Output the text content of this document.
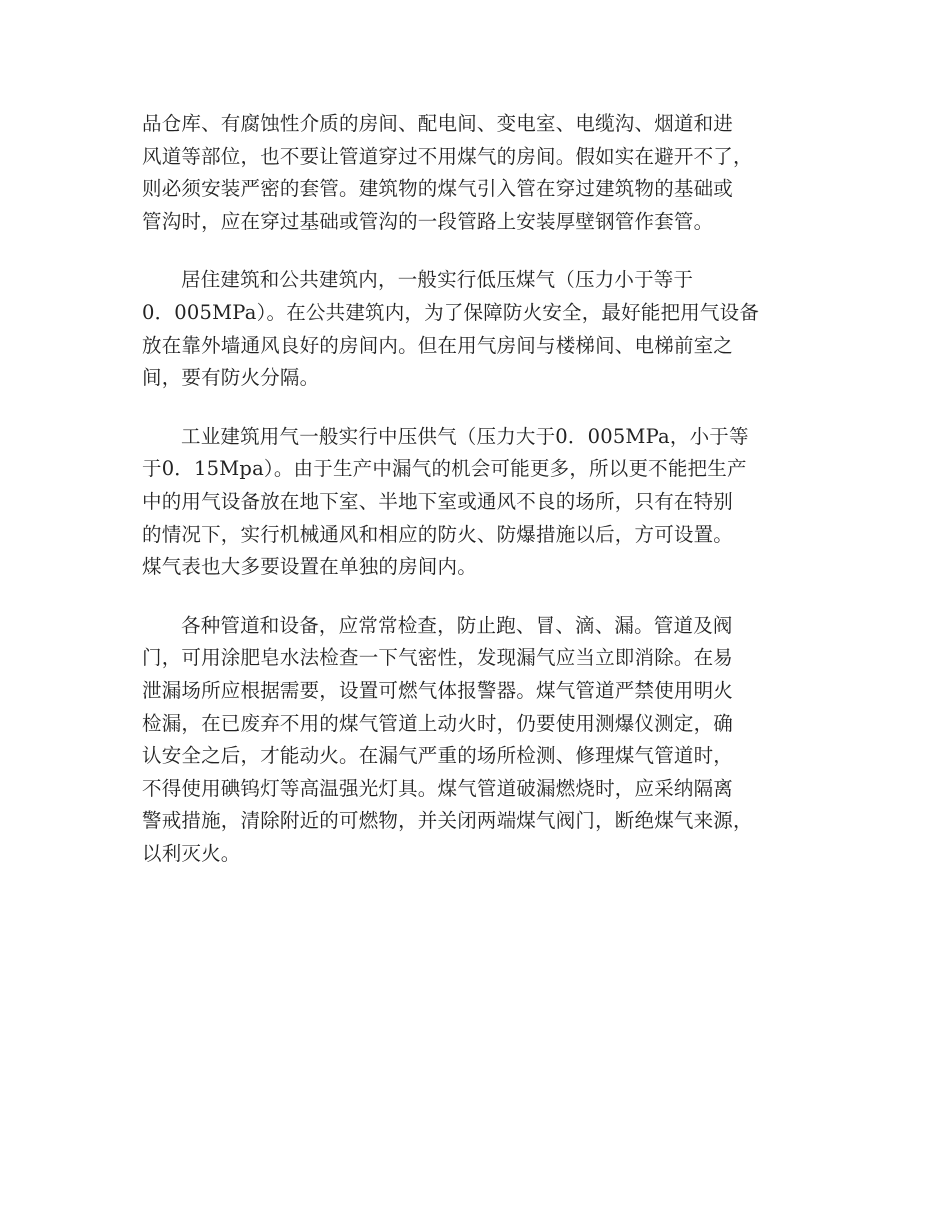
品仓库、有腐蚀性介质的房间、配电间、变电室、电缆沟、烟道和进
风道等部位，也不要让管道穿过不用煤气的房间。假如实在避开不了，
则必须安装严密的套管。建筑物的煤气引入管在穿过建筑物的基础或
管沟时，应在穿过基础或管沟的一段管路上安装厚壁钢管作套管。

居住建筑和公共建筑内，一般实行低压煤气（压力小于等于
0．005MPa）。在公共建筑内，为了保障防火安全，最好能把用气设备
放在靠外墙通风良好的房间内。但在用气房间与楼梯间、电梯前室之
间，要有防火分隔。

工业建筑用气一般实行中压供气（压力大于0．005MPa，小于等
于0．15Mpa）。由于生产中漏气的机会可能更多，所以更不能把生产
中的用气设备放在地下室、半地下室或通风不良的场所，只有在特别
的情况下，实行机械通风和相应的防火、防爆措施以后，方可设置。
煤气表也大多要设置在单独的房间内。

各种管道和设备，应常常检查，防止跑、冒、滴、漏。管道及阀
门，可用涂肥皂水法检查一下气密性，发现漏气应当立即消除。在易
泄漏场所应根据需要，设置可燃气体报警器。煤气管道严禁使用明火
检漏，在已废弃不用的煤气管道上动火时，仍要使用测爆仪测定，确
认安全之后，才能动火。在漏气严重的场所检测、修理煤气管道时，
不得使用碘钨灯等高温强光灯具。煤气管道破漏燃烧时，应采纳隔离
警戒措施，清除附近的可燃物，并关闭两端煤气阀门，断绝煤气来源，
以利灭火。
